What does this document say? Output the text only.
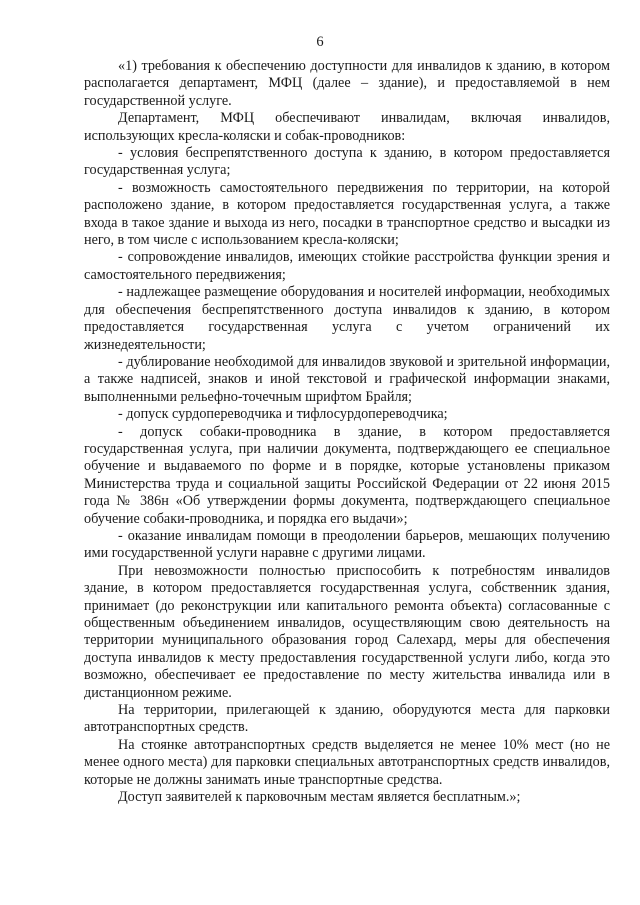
6

«1) требования к обеспечению доступности для инвалидов к зданию, в котором располагается департамент, МФЦ (далее – здание), и предоставляемой в нем государственной услуге.

Департамент, МФЦ обеспечивают инвалидам, включая инвалидов, использующих кресла-коляски и собак-проводников:

- условия беспрепятственного доступа к зданию, в котором предоставляется государственная услуга;

- возможность самостоятельного передвижения по территории, на которой расположено здание, в котором предоставляется государственная услуга, а также входа в такое здание и выхода из него, посадки в транспортное средство и высадки из него, в том числе с использованием кресла-коляски;

- сопровождение инвалидов, имеющих стойкие расстройства функции зрения и самостоятельного передвижения;

- надлежащее размещение оборудования и носителей информации, необходимых для обеспечения беспрепятственного доступа инвалидов к зданию, в котором предоставляется государственная услуга с учетом ограничений их жизнедеятельности;

- дублирование необходимой для инвалидов звуковой и зрительной информации, а также надписей, знаков и иной текстовой и графической информации знаками, выполненными рельефно-точечным шрифтом Брайля;

- допуск сурдопереводчика и тифлосурдопереводчика;

- допуск собаки-проводника в здание, в котором предоставляется государственная услуга, при наличии документа, подтверждающего ее специальное обучение и выдаваемого по форме и в порядке, которые установлены приказом Министерства труда и социальной защиты Российской Федерации от 22 июня 2015 года № 386н «Об утверждении формы документа, подтверждающего специальное обучение собаки-проводника, и порядка его выдачи»;

- оказание инвалидам помощи в преодолении барьеров, мешающих получению ими государственной услуги наравне с другими лицами.

При невозможности полностью приспособить к потребностям инвалидов здание, в котором предоставляется государственная услуга, собственник здания, принимает (до реконструкции или капитального ремонта объекта) согласованные с общественным объединением инвалидов, осуществляющим свою деятельность на территории муниципального образования город Салехард, меры для обеспечения доступа инвалидов к месту предоставления государственной услуги либо, когда это возможно, обеспечивает ее предоставление по месту жительства инвалида или в дистанционном режиме.

На территории, прилегающей к зданию, оборудуются места для парковки автотранспортных средств.

На стоянке автотранспортных средств выделяется не менее 10% мест (но не менее одного места) для парковки специальных автотранспортных средств инвалидов, которые не должны занимать иные транспортные средства.

Доступ заявителей к парковочным местам является бесплатным.»;
